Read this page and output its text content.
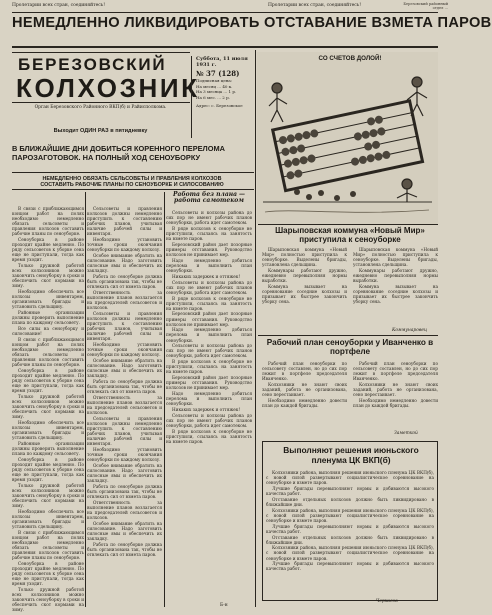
Пролетарии всех стран, соединяйтесь!	Пролетарии всех стран, соединяйтесь!	Березовский районный отдел ...
НЕМЕДЛЕННО ЛИКВИДИРОВАТЬ ОТСТАВАНИЕ ВЗМЕТА ПАРОВ
БЕРЕЗОВСКИЙ
КОЛХОЗНИК
Орган Березовского Районного ВКП(б) и Райисполкома.
Выходит ОДИН РАЗ в пятидневку
Суббота, 11 июля 1931 г.
№ 37 (128)
Подписная цена:
На месяц ... 40 к.
На 3 месяца ... 1 р.
На 6 мес. ... 2 р.
Адрес: с. Березовское
СО СЧЕТОВ ДОЛОЙ!
В БЛИЖАЙШИЕ ДНИ ДОБИТЬСЯ КОРЕННОГО ПЕРЕЛОМА ПАРОЗАГОТОВОК. НА ПОЛНЫЙ ХОД СЕНОУБОРКУ
НЕМЕДЛЕННО ОБЯЗАТЬ СЕЛЬСОВЕТЫ И ПРАВЛЕНИЯ КОЛХОЗОВ СОСТАВИТЬ РАБОЧИЕ ПЛАНЫ ПО СЕНОУБОРКЕ И СИЛОСОВАНИЮ

В связи с приближающимся концом работ на полях необходимо немедленно обязать сельсоветы и правления колхозов составить рабочие планы по сеноуборке.

Сеноуборка в районе проходит крайне медленно. По ряду сельсоветов к уборке сена еще не приступали, тогда как время уходит.

Только дружной работой всех колхозников можно закончить сеноуборку в сроки и обеспечить скот кормами на зиму.

Необходимо обеспечить все колхозы инвентарем, организовать бригады и установить сдельщину.

Районные организации должны проверить выполнение плана по каждому сельсовету.

Все силы на сеноуборку и силосование!

В связи с приближающимся концом работ на полях необходимо немедленно обязать сельсоветы и правления колхозов составить рабочие планы по сеноуборке.

Сеноуборка в районе проходит крайне медленно. По ряду сельсоветов к уборке сена еще не приступали, тогда как время уходит.

Только дружной работой всех колхозников можно закончить сеноуборку в сроки и обеспечить скот кормами на зиму.

Необходимо обеспечить все колхозы инвентарем, организовать бригады и установить сдельщину.

Районные организации должны проверить выполнение плана по каждому сельсовету.

Сеноуборка в районе проходит крайне медленно. По ряду сельсоветов к уборке сена еще не приступали, тогда как время уходит.

Только дружной работой всех колхозников можно закончить сеноуборку в сроки и обеспечить скот кормами на зиму.

Необходимо обеспечить все колхозы инвентарем, организовать бригады и установить сдельщину.

В связи с приближающимся концом работ на полях необходимо немедленно обязать сельсоветы и правления колхозов составить рабочие планы по сеноуборке.

Сеноуборка в районе проходит крайне медленно. По ряду сельсоветов к уборке сена еще не приступали, тогда как время уходит.

Только дружной работой всех колхозников можно закончить сеноуборку в сроки и обеспечить скот кормами на зиму.

Сельсоветы и правления колхозов должны немедленно приступить к составлению рабочих планов, учитывая наличие рабочей силы и инвентаря.

Необходимо установить точные сроки окончания сеноуборки по каждому колхозу.

Особое внимание обратить на силосование. Надо заготовить силосные ямы и обеспечить их закладку.

Работа по сеноуборке должна быть организована так, чтобы не отвлекать сил от взмета паров.

Ответственность за выполнение планов возлагается на председателей сельсоветов и колхозов.

Сельсоветы и правления колхозов должны немедленно приступить к составлению рабочих планов, учитывая наличие рабочей силы и инвентаря.

Необходимо установить точные сроки окончания сеноуборки по каждому колхозу.

Особое внимание обратить на силосование. Надо заготовить силосные ямы и обеспечить их закладку.

Работа по сеноуборке должна быть организована так, чтобы не отвлекать сил от взмета паров.

Ответственность за выполнение планов возлагается на председателей сельсоветов и колхозов.

Сельсоветы и правления колхозов должны немедленно приступить к составлению рабочих планов, учитывая наличие рабочей силы и инвентаря.

Необходимо установить точные сроки окончания сеноуборки по каждому колхозу.

Особое внимание обратить на силосование. Надо заготовить силосные ямы и обеспечить их закладку.

Работа по сеноуборке должна быть организована так, чтобы не отвлекать сил от взмета паров.

Ответственность за выполнение планов возлагается на председателей сельсоветов и колхозов.

Особое внимание обратить на силосование. Надо заготовить силосные ямы и обеспечить их закладку.

Работа по сеноуборке должна быть организована так, чтобы не отвлекать сил от взмета паров.

Работа без плана — работа самотеком

Сельсоветы и колхозы района до сих пор не имеют рабочих планов сеноуборки, работа идет самотеком.

В ряде колхозов к сеноуборке не приступили, ссылаясь на занятость на взмете паров.

Березовский район дает позорные примеры отставания. Руководство колхозов не принимает мер.

Надо немедленно добиться перелома и выполнить план сеноуборки.

Никаких задержек и оттяжек!

Сельсоветы и колхозы района до сих пор не имеют рабочих планов сеноуборки, работа идет самотеком.

В ряде колхозов к сеноуборке не приступили, ссылаясь на занятость на взмете паров.

Березовский район дает позорные примеры отставания. Руководство колхозов не принимает мер.

Надо немедленно добиться перелома и выполнить план сеноуборки.

Сельсоветы и колхозы района до сих пор не имеют рабочих планов сеноуборки, работа идет самотеком.

В ряде колхозов к сеноуборке не приступили, ссылаясь на занятость на взмете паров.

Березовский район дает позорные примеры отставания. Руководство колхозов не принимает мер.

Надо немедленно добиться перелома и выполнить план сеноуборки.

Никаких задержек и оттяжек!

Сельсоветы и колхозы района до сих пор не имеют рабочих планов сеноуборки, работа идет самотеком.

В ряде колхозов к сеноуборке не приступили, ссылаясь на занятость на взмете паров.

Шарыповская коммуна «Новый Мир» приступила к сеноуборке

Шарыповская коммуна «Новый Мир» полностью приступила к сеноуборке. Выделены бригады, установлена сдельщина.

Коммунары работают дружно, ежедневно перевыполняя нормы выработки.

Коммуна вызывает на соревнование соседние колхозы и призывает их быстрее закончить уборку сена.

Шарыповская коммуна «Новый Мир» полностью приступила к сеноуборке. Выделены бригады, установлена сдельщина.

Коммунары работают дружно, ежедневно перевыполняя нормы выработки.

Коммуна вызывает на соревнование соседние колхозы и призывает их быстрее закончить уборку сена.

Коммунаровец
Рабочий план сеноуборки у Иванченко в портфеле

Рабочий план сеноуборки по сельсовету составлен, но до сих пор лежит в портфеле председателя Иванченко.

Колхозники не знают своих заданий, работа не организована, сено перестаивает.

Необходимо немедленно довести план до каждой бригады.

Рабочий план сеноуборки по сельсовету составлен, но до сих пор лежит в портфеле председателя Иванченко.

Колхозники не знают своих заданий, работа не организована, сено перестаивает.

Необходимо немедленно довести план до каждой бригады.

Заметкой
Выполняют решения июньского пленума ЦК ВКП(б)

Колхозники района, выполняя решения июньского пленума ЦК ВКП(б), с новой силой развертывают социалистическое соревнование на сеноуборке и взмете паров.

Лучшие бригады перевыполняют нормы и добиваются высокого качества работ.

Отставание отдельных колхозов должно быть ликвидировано в ближайшие дни.

Колхозники района, выполняя решения июньского пленума ЦК ВКП(б), с новой силой развертывают социалистическое соревнование на сеноуборке и взмете паров.

Лучшие бригады перевыполняют нормы и добиваются высокого качества работ.

Отставание отдельных колхозов должно быть ликвидировано в ближайшие дни.

Колхозники района, выполняя решения июньского пленума ЦК ВКП(б), с новой силой развертывают социалистическое соревнование на сеноуборке и взмете паров.

Лучшие бригады перевыполняют нормы и добиваются высокого качества работ.

Черкасов
Б-н
